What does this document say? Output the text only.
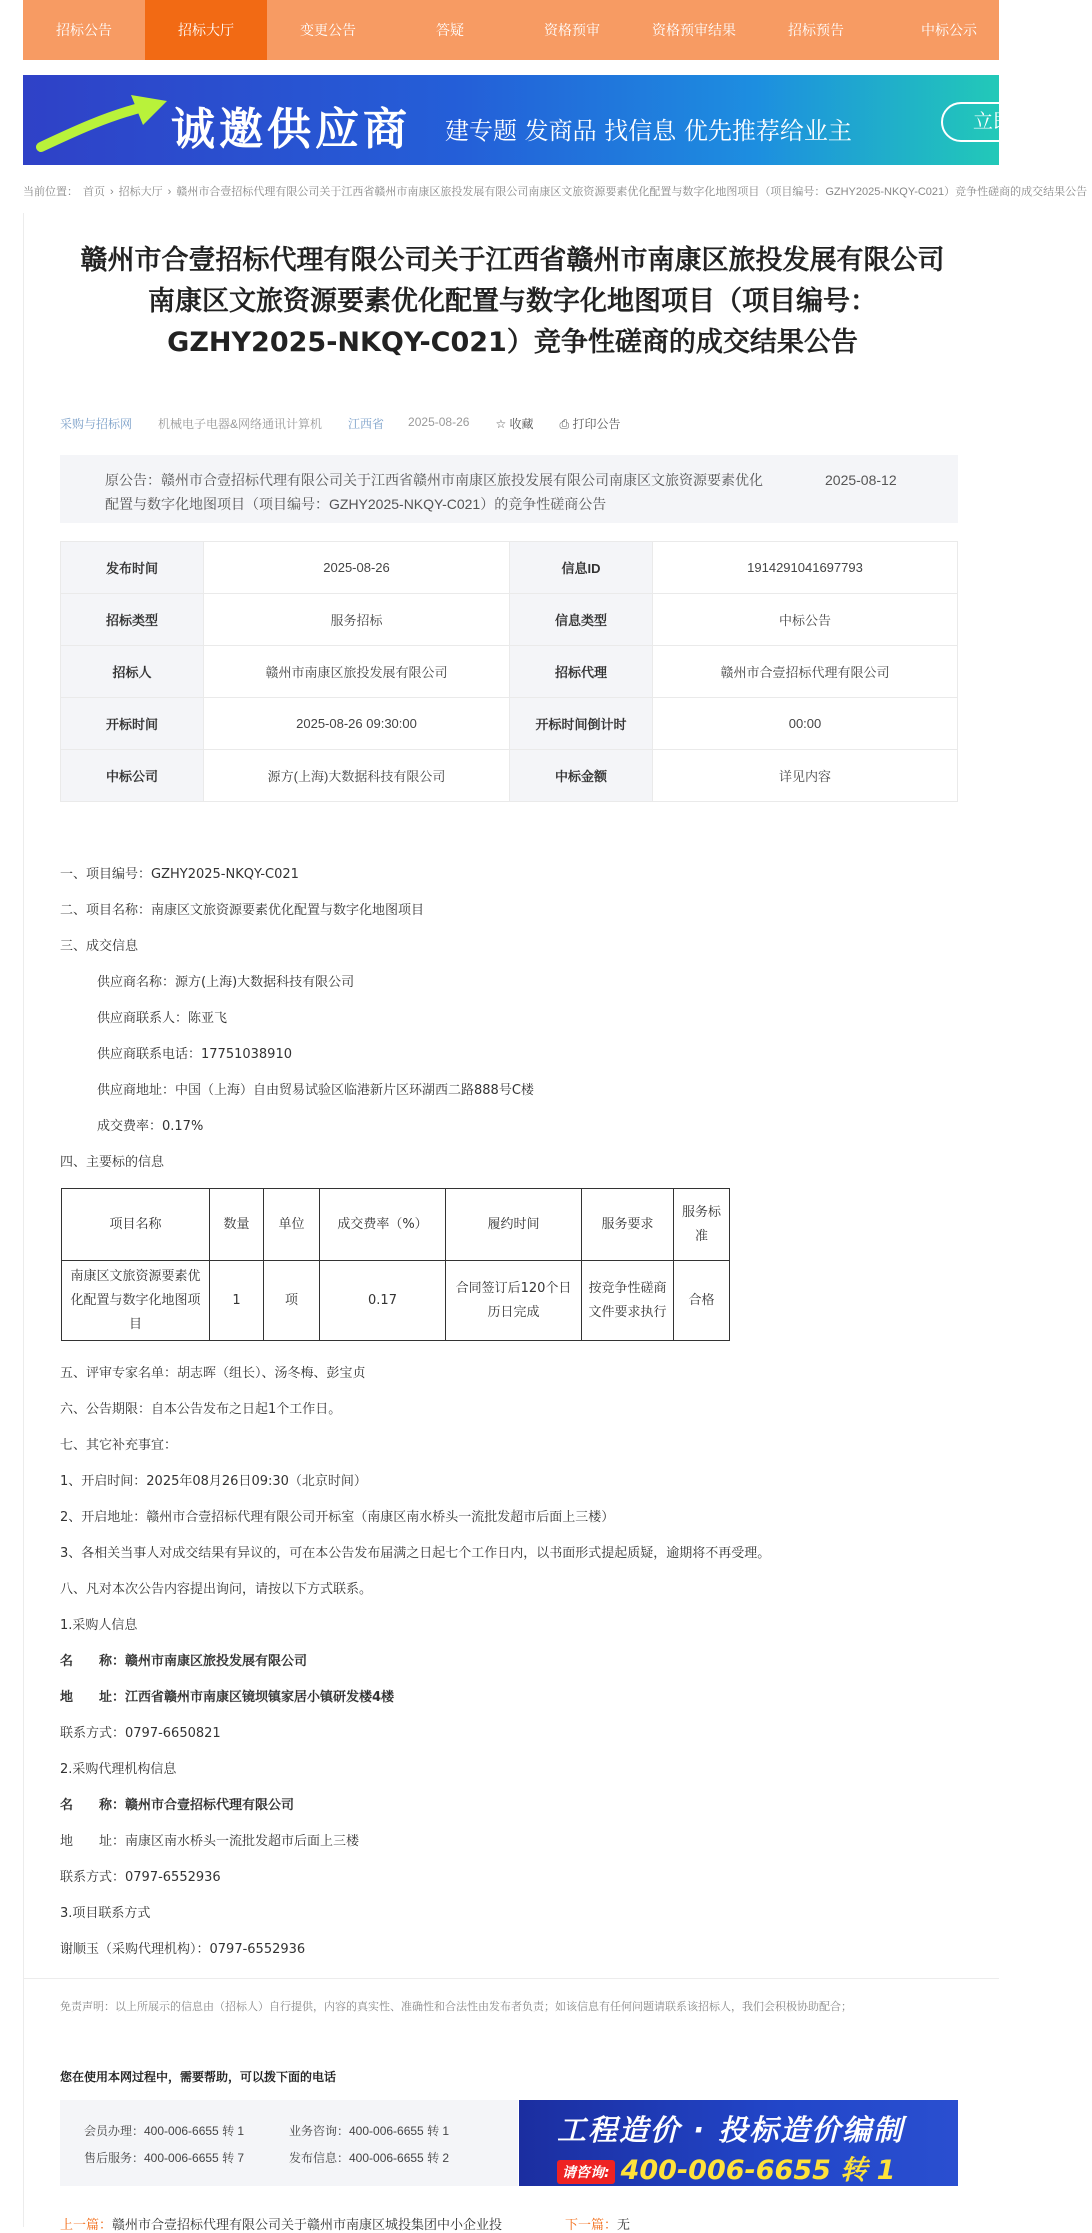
招标公告	招标大厅	变更公告	答疑	资格预审	资格预审结果	招标预告	中标公示
诚邀供应商 建专题 发商品 找信息 优先推荐给业主	立即
当前位置： 首页 › 招标大厅 › 赣州市合壹招标代理有限公司关于江西省赣州市南康区旅投发展有限公司南康区文旅资源要素优化配置与数字化地图项目（项目编号：GZHY2025-NKQY-C021）竞争性磋商的成交结果公告
赣州市合壹招标代理有限公司关于江西省赣州市南康区旅投发展有限公司
南康区文旅资源要素优化配置与数字化地图项目（项目编号：
GZHY2025-NKQY-C021）竞争性磋商的成交结果公告
采购与招标网 机械电子电器&网络通讯计算机 江西省 2025-08-26 ☆ 收藏 ⎙ 打印公告
原公告：赣州市合壹招标代理有限公司关于江西省赣州市南康区旅投发展有限公司南康区文旅资源要素优化配置与数字化地图项目（项目编号：GZHY2025-NKQY-C021）的竞争性磋商公告
2025-08-12
发布时间	2025-08-26	信息ID	1914291041697793
招标类型	服务招标	信息类型	中标公告
招标人	赣州市南康区旅投发展有限公司	招标代理	赣州市合壹招标代理有限公司
开标时间	2025-08-26 09:30:00	开标时间倒计时	00:00
中标公司	源方(上海)大数据科技有限公司	中标金额	详见内容
一、项目编号：GZHY2025-NKQY-C021
二、项目名称：南康区文旅资源要素优化配置与数字化地图项目
三、成交信息
供应商名称：源方(上海)大数据科技有限公司
供应商联系人：陈亚飞
供应商联系电话：17751038910
供应商地址：中国（上海）自由贸易试验区临港新片区环湖西二路888号C楼
成交费率：0.17%
四、主要标的信息
项目名称	数量	单位	成交费率（%）	履约时间	服务要求	服务标准
南康区文旅资源要素优化配置与数字化地图项目	1	项	0.17	合同签订后120个日历日完成	按竞争性磋商文件要求执行	合格
五、评审专家名单：胡志晖（组长）、汤冬梅、彭宝贞
六、公告期限：自本公告发布之日起1个工作日。
七、其它补充事宜：
1、开启时间：2025年08月26日09:30（北京时间）
2、开启地址：赣州市合壹招标代理有限公司开标室（南康区南水桥头一流批发超市后面上三楼）
3、各相关当事人对成交结果有异议的，可在本公告发布届满之日起七个工作日内，以书面形式提起质疑，逾期将不再受理。
八、凡对本次公告内容提出询问，请按以下方式联系。
1.采购人信息
名　　称：赣州市南康区旅投发展有限公司
地　　址：江西省赣州市南康区镜坝镇家居小镇研发楼4楼
联系方式：0797-6650821
2.采购代理机构信息
名　　称：赣州市合壹招标代理有限公司
地　　址：南康区南水桥头一流批发超市后面上三楼
联系方式：0797-6552936
3.项目联系方式
谢顺玉（采购代理机构）：0797-6552936
免责声明：以上所展示的信息由（招标人）自行提供，内容的真实性、准确性和合法性由发布者负责；如该信息有任何问题请联系该招标人，我们会积极协助配合；
您在使用本网过程中，需要帮助，可以拨下面的电话
会员办理：400-006-6655 转 1	业务咨询：400-006-6655 转 1
售后服务：400-006-6655 转 7	发布信息：400-006-6655 转 2
工程造价 · 投标造价编制
请咨询: 400-006-6655 转 1
上一篇：赣州市合壹招标代理有限公司关于赣州市南康区城投集团中小企业投	下一篇：无
